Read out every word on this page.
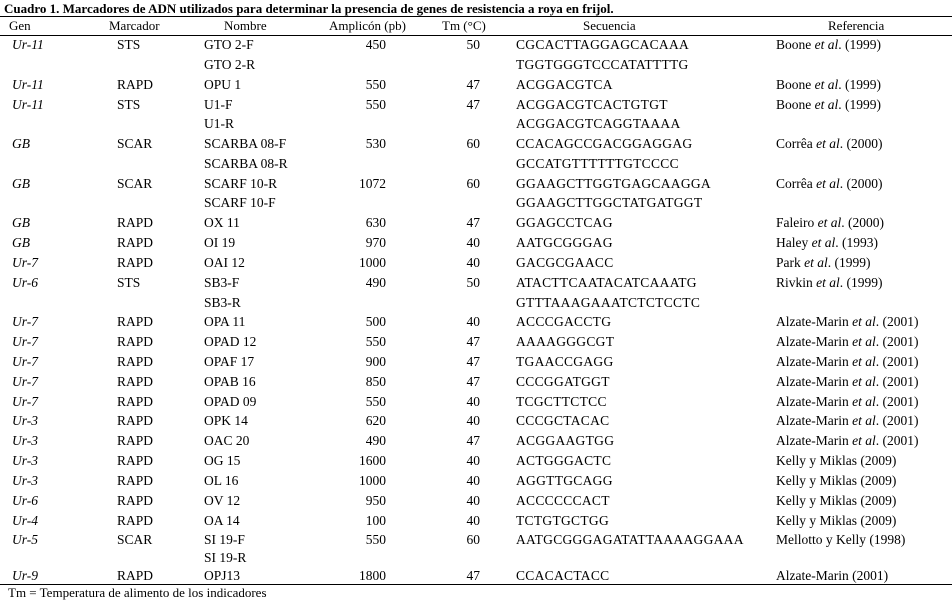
Cuadro 1. Marcadores de ADN utilizados para determinar la presencia de genes de resistencia a roya en frijol.
Gen	Marcador	Nombre	Amplicón (pb)	Tm (°C)	Secuencia	Referencia
Ur-11	STS	GTO 2-F	450	50	CGCACTTAGGAGCACAAA	Boone et al. (1999)
GTO 2-R	TGGTGGGTCCCATATTTTG
Ur-11	RAPD	OPU 1	550	47	ACGGACGTCA	Boone et al. (1999)
Ur-11	STS	U1-F	550	47	ACGGACGTCACTGTGT	Boone et al. (1999)
U1-R	ACGGACGTCAGGTAAAA
GB	SCAR	SCARBA 08-F	530	60	CCACAGCCGACGGAGGAG	Corrêa et al. (2000)
SCARBA 08-R	GCCATGTTTTTTGTCCCC
GB	SCAR	SCARF 10-R	1072	60	GGAAGCTTGGTGAGCAAGGA	Corrêa et al. (2000)
SCARF 10-F	GGAAGCTTGGCTATGATGGT
GB	RAPD	OX 11	630	47	GGAGCCTCAG	Faleiro et al. (2000)
GB	RAPD	OI 19	970	40	AATGCGGGAG	Haley et al. (1993)
Ur-7	RAPD	OAI 12	1000	40	GACGCGAACC	Park et al. (1999)
Ur-6	STS	SB3-F	490	50	ATACTTCAATACATCAAATG	Rivkin et al. (1999)
SB3-R	GTTTAAAGAAATCTCTCCTC
Ur-7	RAPD	OPA 11	500	40	ACCCGACCTG	Alzate-Marin et al. (2001)
Ur-7	RAPD	OPAD 12	550	47	AAAAGGGCGT	Alzate-Marin et al. (2001)
Ur-7	RAPD	OPAF 17	900	47	TGAACCGAGG	Alzate-Marin et al. (2001)
Ur-7	RAPD	OPAB 16	850	47	CCCGGATGGT	Alzate-Marin et al. (2001)
Ur-7	RAPD	OPAD 09	550	40	TCGCTTCTCC	Alzate-Marin et al. (2001)
Ur-3	RAPD	OPK 14	620	40	CCCGCTACAC	Alzate-Marin et al. (2001)
Ur-3	RAPD	OAC 20	490	47	ACGGAAGTGG	Alzate-Marin et al. (2001)
Ur-3	RAPD	OG 15	1600	40	ACTGGGACTC	Kelly y Miklas (2009)
Ur-3	RAPD	OL 16	1000	40	AGGTTGCAGG	Kelly y Miklas (2009)
Ur-6	RAPD	OV 12	950	40	ACCCCCCACT	Kelly y Miklas (2009)
Ur-4	RAPD	OA 14	100	40	TCTGTGCTGG	Kelly y Miklas (2009)
Ur-5	SCAR	SI 19-F	550	60	AATGCGGGAGATATTAAAAGGAAA Mellotto y Kelly (1998)
SI 19-R
Ur-9	RAPD	OPJ13	1800	47	CCACACTACC	Alzate-Marin (2001)
Tm = Temperatura de alimento de los indicadores
